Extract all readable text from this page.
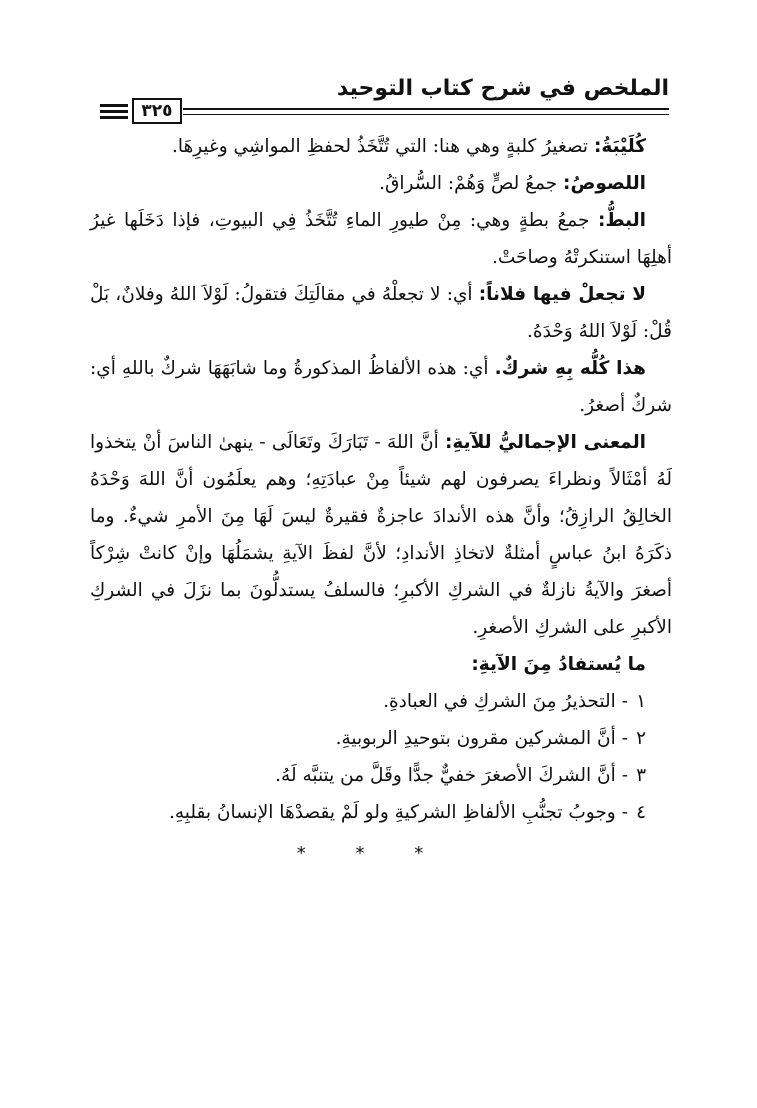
الملخص في شرح كتاب التوحيد
٣٢٥

كُلَيْبَةُ: تصغيرُ كلبةٍ وهي هنا: التي تُتَّخَذُ لحفظِ المواشِي وغيرِهَا.

اللصوصُ: جمعُ لصٍّ وَهُمْ: السُّراقُ.

البطُّ: جمعُ بطةٍ وهي: مِنْ طيورِ الماءِ تُتَّخَذُ فِي البيوتِ، فإذا دَخَلَها غيرُ أهلِهَا استنكرتْهُ وصاحَتْ.

لا تجعلْ فيها فلاناً: أي: لا تجعلْهُ في مقالَتِكَ فتقولُ: لَوْلاَ اللهُ وفلانٌ، بَلْ قُلْ: لَوْلاَ اللهُ وَحْدَهُ.

هذا كُلُّه بِهِ شركٌ. أي: هذه الألفاظُ المذكورةُ وما شابَهَهَا شركٌ باللهِ أي: شركٌ أصغرُ.

المعنى الإجماليُّ للآيةِ: أنَّ اللهَ - تَبَارَكَ وتَعَالَى - ينهىٰ الناسَ أنْ يتخذوا لَهُ أمْثَالاً ونظراءَ يصرفون لهم شيئاً مِنْ عبادَتِهِ؛ وهم يعلَمُون أنَّ اللهَ وَحْدَهُ الخالِقُ الرازِقُ؛ وأنَّ هذه الأندادَ عاجزةٌ فقيرةٌ ليسَ لَهَا مِنَ الأمرِ شيءٌ. وما ذكَرَهُ ابنُ عباسٍ أمثلةٌ لاتخاذِ الأندادِ؛ لأنَّ لفظَ الآيةِ يشمَلُهَا وإنْ كانتْ شِرْكاً أصغرَ والآيةُ نازلةٌ في الشركِ الأكبرِ؛ فالسلفُ يستدلُّونَ بما نزَلَ في الشركِ الأكبرِ على الشركِ الأصغرِ.

ما يُستفادُ مِنَ الآيةِ:

١-التحذيرُ مِنَ الشركِ في العبادةِ.
٢-أنَّ المشركين مقرون بتوحيدِ الربوبيةِ.
٣-أنَّ الشركَ الأصغرَ خفيٌّ جدًّا وقَلَّ من يتنبَّه لَهُ.
٤-وجوبُ تجنُّبِ الألفاظِ الشركيةِ ولو لَمْ يقصدْهَا الإنسانُ بقلبِهِ.
* * *
